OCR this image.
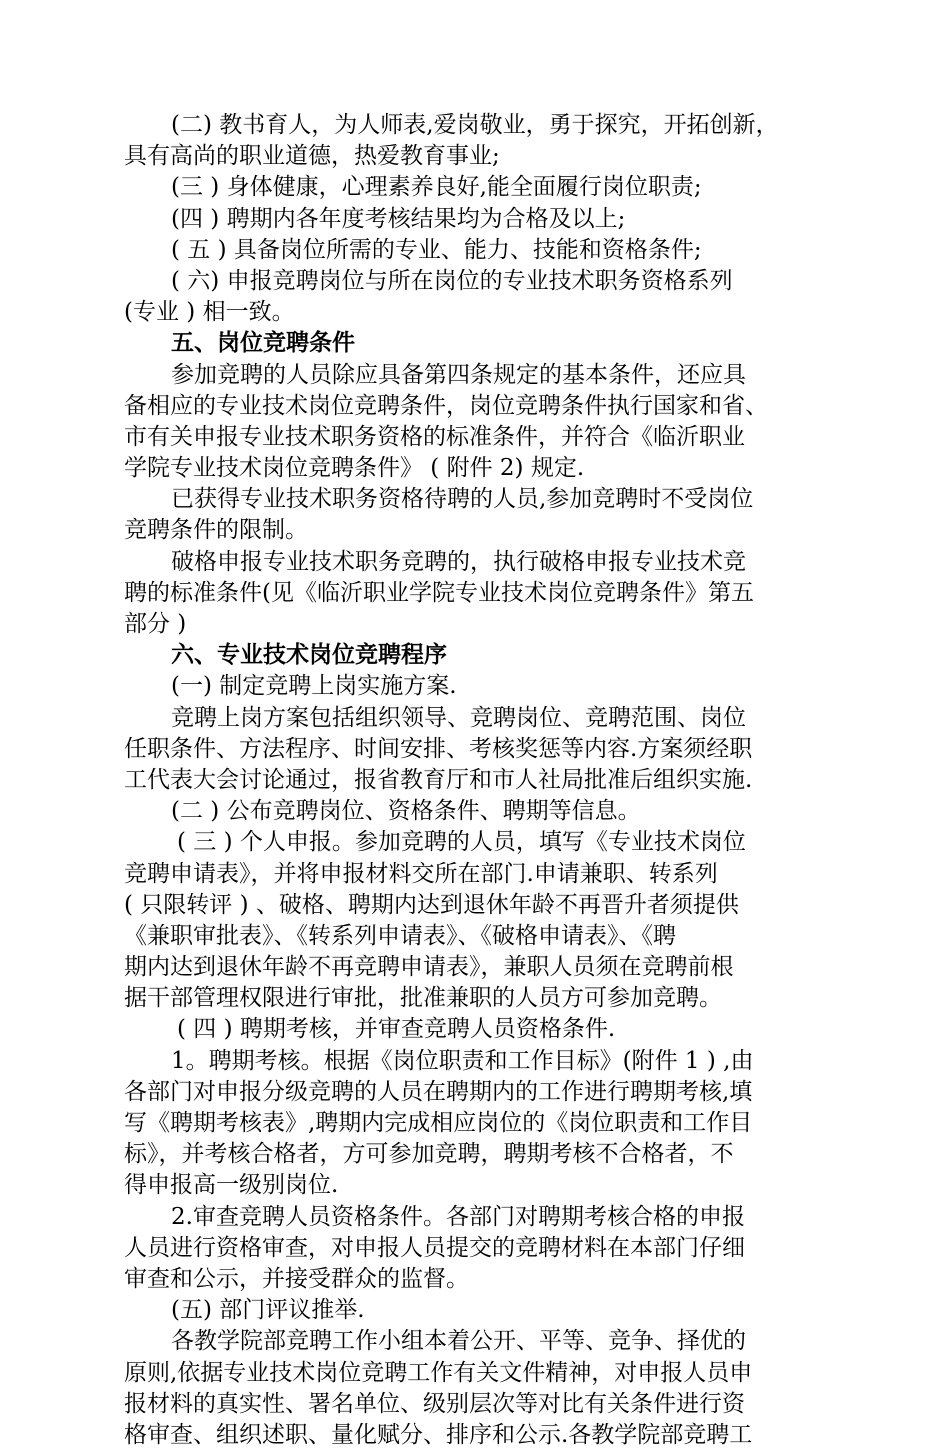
(二) 教书育人，为人师表,爱岗敬业，勇于探究，开拓创新，
具有高尚的职业道德，热爱教育事业;
(三 ) 身体健康，心理素养良好,能全面履行岗位职责;
(四 ) 聘期内各年度考核结果均为合格及以上;
( 五 ) 具备岗位所需的专业、能力、技能和资格条件;
( 六) 申报竞聘岗位与所在岗位的专业技术职务资格系列
(专业 ) 相一致。
五、岗位竞聘条件
参加竞聘的人员除应具备第四条规定的基本条件，还应具
备相应的专业技术岗位竞聘条件，岗位竞聘条件执行国家和省、
市有关申报专业技术职务资格的标准条件，并符合《临沂职业
学院专业技术岗位竞聘条件》 ( 附件 2) 规定.
已获得专业技术职务资格待聘的人员,参加竞聘时不受岗位
竞聘条件的限制。
破格申报专业技术职务竞聘的，执行破格申报专业技术竞
聘的标准条件(见《临沂职业学院专业技术岗位竞聘条件》第五
部分 )
六、专业技术岗位竞聘程序
(一) 制定竞聘上岗实施方案.
竞聘上岗方案包括组织领导、竞聘岗位、竞聘范围、岗位
任职条件、方法程序、时间安排、考核奖惩等内容.方案须经职
工代表大会讨论通过，报省教育厅和市人社局批准后组织实施.
(二 ) 公布竞聘岗位、资格条件、聘期等信息。
( 三 ) 个人申报。参加竞聘的人员，填写《专业技术岗位
竞聘申请表》，并将申报材料交所在部门.申请兼职、转系列
( 只限转评 ) 、破格、聘期内达到退休年龄不再晋升者须提供
《兼职审批表》、《转系列申请表》、《破格申请表》、《聘
期内达到退休年龄不再竞聘申请表》，兼职人员须在竞聘前根
据干部管理权限进行审批，批准兼职的人员方可参加竞聘。
( 四 ) 聘期考核，并审查竞聘人员资格条件.
1。聘期考核。根据《岗位职责和工作目标》(附件 1 ) ,由
各部门对申报分级竞聘的人员在聘期内的工作进行聘期考核,填
写《聘期考核表》,聘期内完成相应岗位的《岗位职责和工作目
标》，并考核合格者，方可参加竞聘，聘期考核不合格者，不
得申报高一级别岗位.
2.审查竞聘人员资格条件。各部门对聘期考核合格的申报
人员进行资格审查，对申报人员提交的竞聘材料在本部门仔细
审查和公示，并接受群众的监督。
(五) 部门评议推举.
各教学院部竞聘工作小组本着公开、平等、竞争、择优的
原则,依据专业技术岗位竞聘工作有关文件精神，对申报人员申
报材料的真实性、署名单位、级别层次等对比有关条件进行资
格审查、组织述职、量化赋分、排序和公示.各教学院部竞聘工
